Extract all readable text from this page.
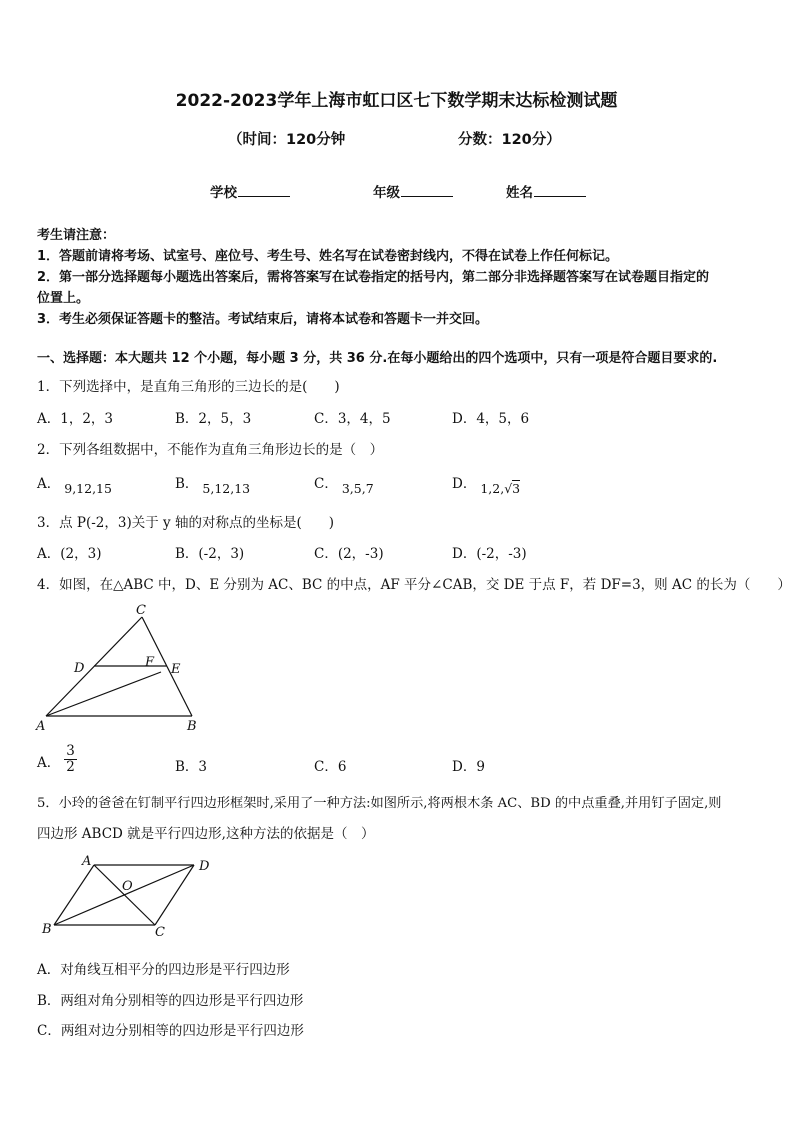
2022-2023学年上海市虹口区七下数学期末达标检测试题
（时间：120分钟	分数：120分）
学校	年级	姓名
考生请注意：
1．答题前请将考场、试室号、座位号、考生号、姓名写在试卷密封线内，不得在试卷上作任何标记。
2．第一部分选择题每小题选出答案后，需将答案写在试卷指定的括号内，第二部分非选择题答案写在试卷题目指定的
位置上。
3．考生必须保证答题卡的整洁。考试结束后，请将本试卷和答题卡一并交回。
一、选择题：本大题共 12 个小题，每小题 3 分，共 36 分.在每小题给出的四个选项中，只有一项是符合题目要求的.
1．下列选择中，是直角三角形的三边长的是(　　)
A．1，2，3	B．2，5，3	C．3，4，5	D．4，5，6
2．下列各组数据中，不能作为直角三角形边长的是（　）
A． 9,12,15	B． 5,12,13	C． 3,5,7	D． 1,2,√3
3．点 P(-2，3)关于 y 轴的对称点的坐标是(　　)
A．(2，3)	B．(-2，3)	C．(2，-3)	D．(-2，-3)
4．如图，在△ABC 中，D、E 分别为 AC、BC 的中点，AF 平分∠CAB，交 DE 于点 F，若 DF=3，则 AC 的长为（　　）
C
D	F E
A	B
A． $\frac{3}{2}$	B．3	C．6	D．9
5．小玲的爸爸在钉制平行四边形框架时,采用了一种方法:如图所示,将两根木条 AC、BD 的中点重叠,并用钉子固定,则
四边形 ABCD 就是平行四边形,这种方法的依据是（　）
A	D
O
B	C
A．对角线互相平分的四边形是平行四边形
B．两组对角分别相等的四边形是平行四边形
C．两组对边分别相等的四边形是平行四边形
